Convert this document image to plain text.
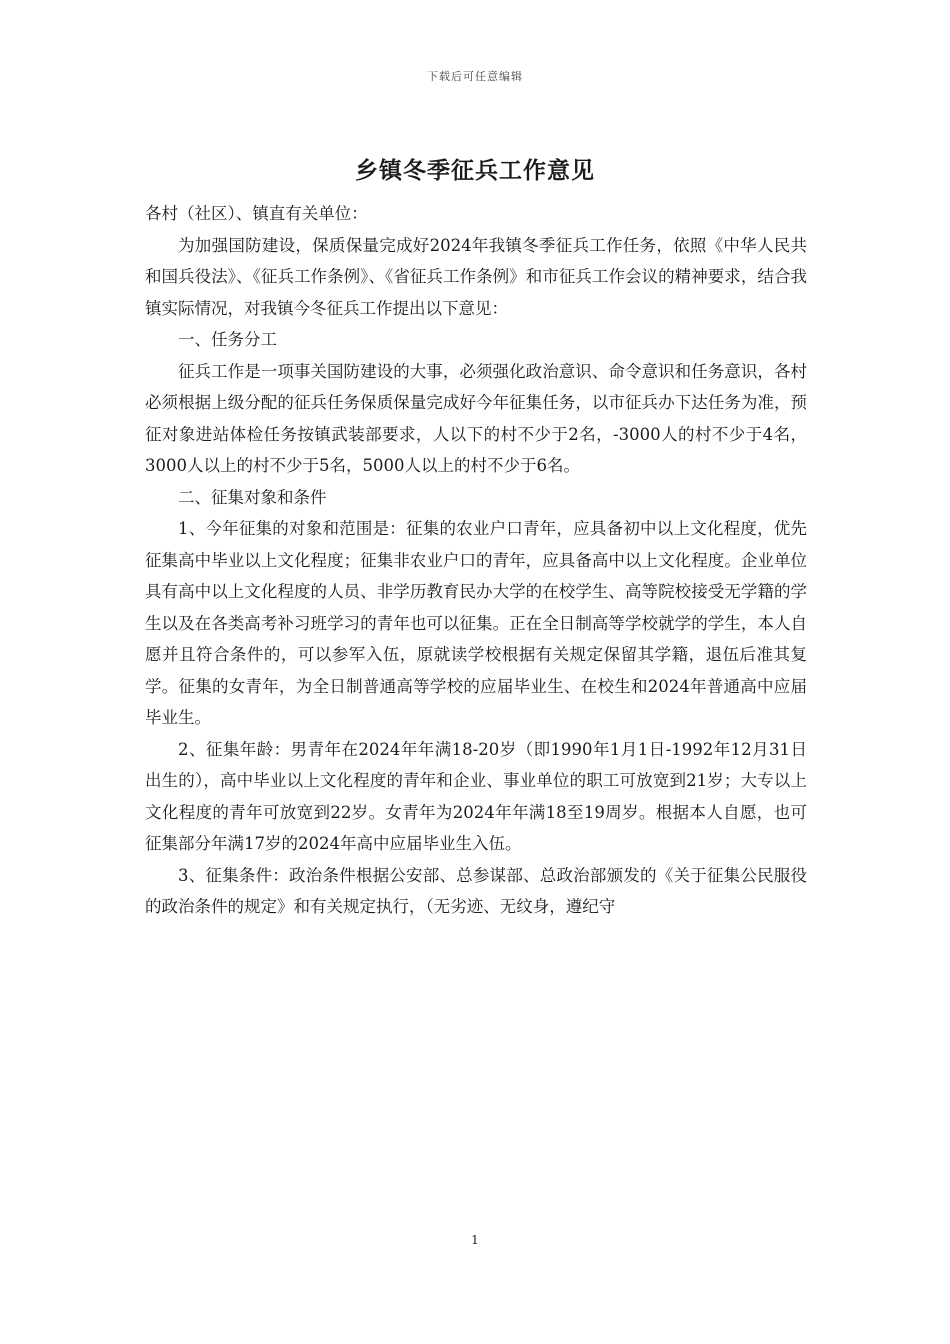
下载后可任意编辑
乡镇冬季征兵工作意见

各村（社区）、镇直有关单位：

为加强国防建设，保质保量完成好2024年我镇冬季征兵工作任务，依照《中华人民共和国兵役法》、《征兵工作条例》、《省征兵工作条例》和市征兵工作会议的精神要求，结合我镇实际情况，对我镇今冬征兵工作提出以下意见：

一、任务分工

征兵工作是一项事关国防建设的大事，必须强化政治意识、命令意识和任务意识，各村必须根据上级分配的征兵任务保质保量完成好今年征集任务，以市征兵办下达任务为准，预征对象进站体检任务按镇武装部要求，人以下的村不少于2名，-3000人的村不少于4名，3000人以上的村不少于5名，5000人以上的村不少于6名。

二、征集对象和条件

1、今年征集的对象和范围是：征集的农业户口青年，应具备初中以上文化程度，优先征集高中毕业以上文化程度；征集非农业户口的青年，应具备高中以上文化程度。企业单位具有高中以上文化程度的人员、非学历教育民办大学的在校学生、高等院校接受无学籍的学生以及在各类高考补习班学习的青年也可以征集。正在全日制高等学校就学的学生，本人自愿并且符合条件的，可以参军入伍，原就读学校根据有关规定保留其学籍，退伍后准其复学。征集的女青年，为全日制普通高等学校的应届毕业生、在校生和2024年普通高中应届毕业生。

2、征集年龄：男青年在2024年年满18-20岁（即1990年1月1日-1992年12月31日出生的），高中毕业以上文化程度的青年和企业、事业单位的职工可放宽到21岁；大专以上文化程度的青年可放宽到22岁。女青年为2024年年满18至19周岁。根据本人自愿，也可征集部分年满17岁的2024年高中应届毕业生入伍。

3、征集条件：政治条件根据公安部、总参谋部、总政治部颁发的《关于征集公民服役的政治条件的规定》和有关规定执行，（无劣迹、无纹身，遵纪守

1
